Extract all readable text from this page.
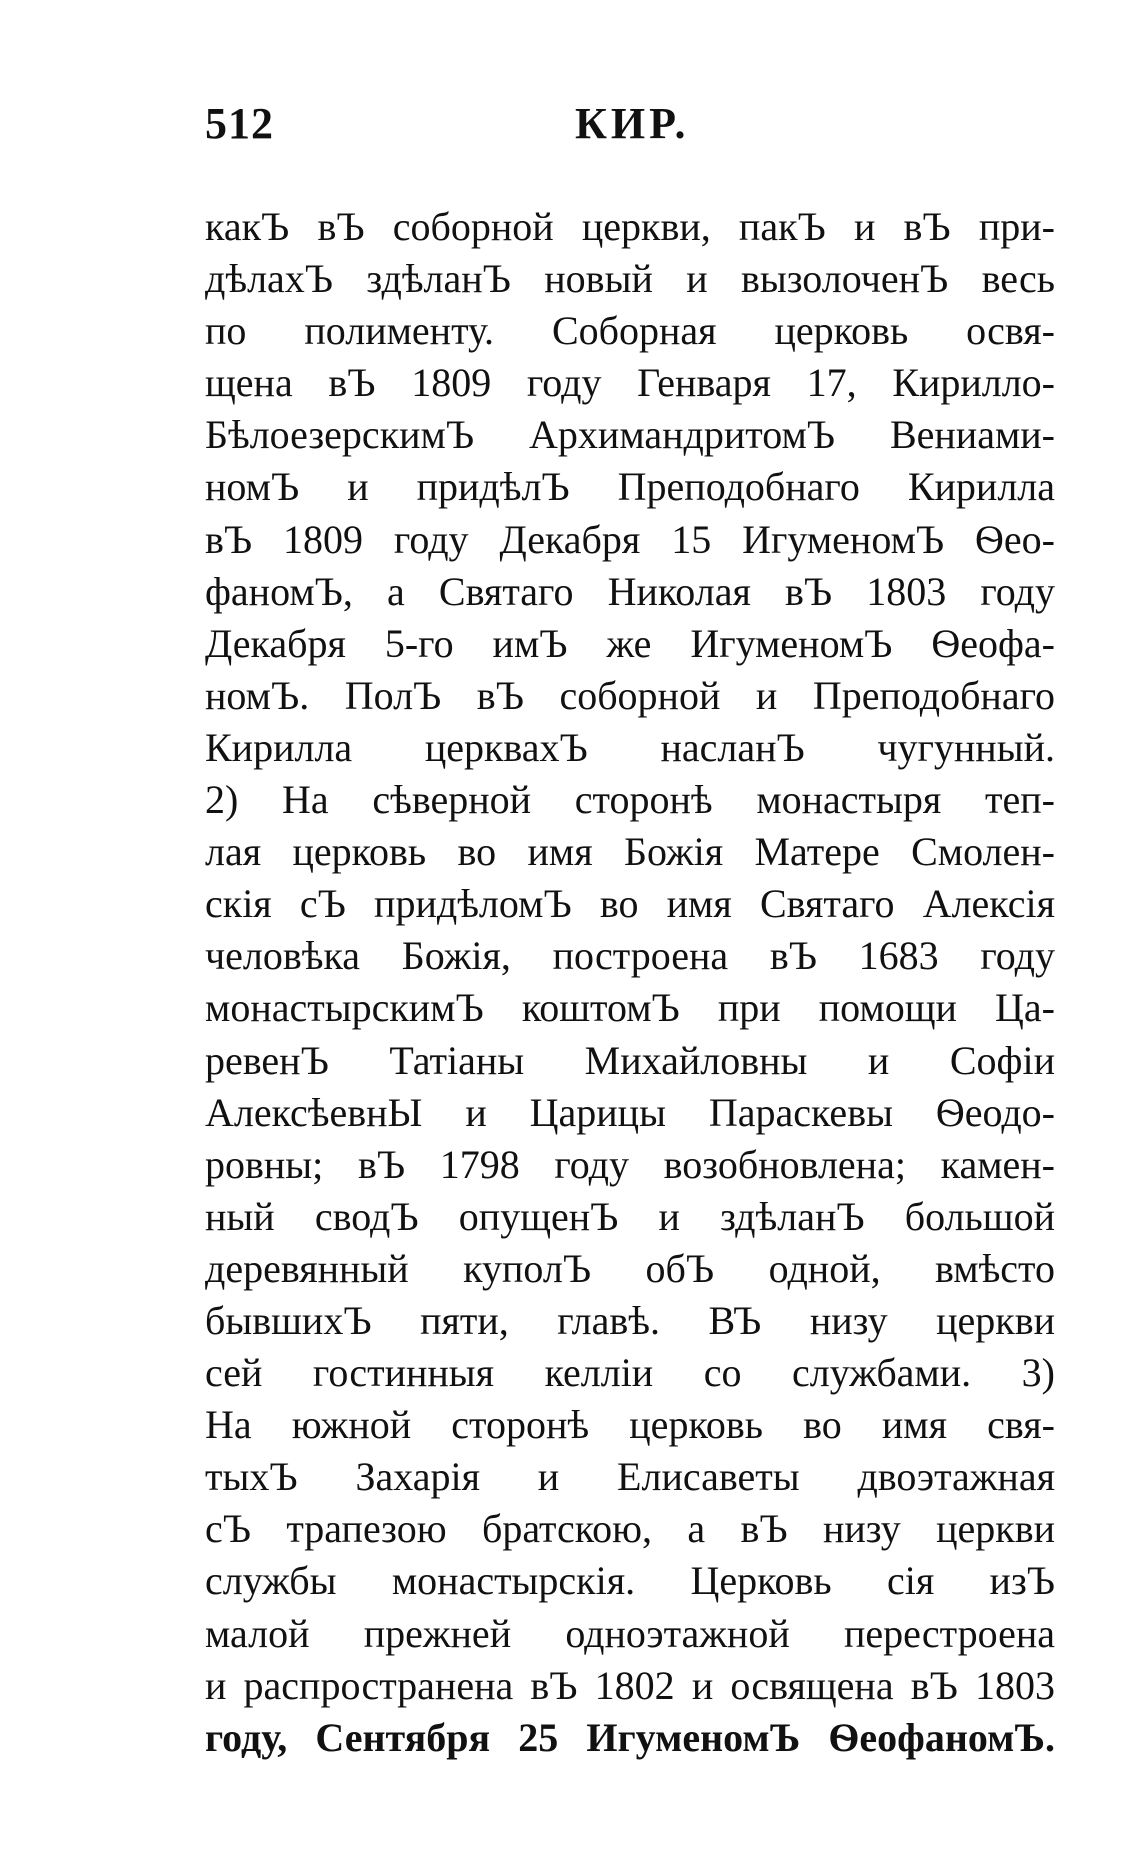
512	КИР.
какЪ вЪ соборной церкви, пакЪ и вЪ при-
дѣлахЪ здѣланЪ новый и вызолоченЪ весь
по полименту. Соборная церковь освя-
щена вЪ 1809 году Генваря 17, Кирилло-
БѣлоезерскимЪ АрхимандритомЪ Вениами-
номЪ и придѣлЪ Преподобнаго Кирилла
вЪ 1809 году Декабря 15 ИгуменомЪ Ѳео-
фаномЪ, а Святаго Николая вЪ 1803 году
Декабря 5-го имЪ же ИгуменомЪ Ѳеофа-
номЪ. ПолЪ вЪ соборной и Преподобнаго
Кирилла церквахЪ насланЪ чугунный.
2) На сѣверной сторонѣ монастыря теп-
лая церковь во имя Божія Матере Смолен-
скія сЪ придѣломЪ во имя Святаго Алексія
человѣка Божія, построена вЪ 1683 году
монастырскимЪ коштомЪ при помощи Ца-
ревенЪ Татіаны Михайловны и Софіи
АлексѣевнЫ и Царицы Параскевы Ѳеодо-
ровны; вЪ 1798 году возобновлена; камен-
ный сводЪ опущенЪ и здѣланЪ большой
деревянный куполЪ обЪ одной, вмѣсто
бывшихЪ пяти, главѣ. ВЪ низу церкви
сей гостинныя келліи со службами. 3)
На южной сторонѣ церковь во имя свя-
тыхЪ Захарія и Елисаветы двоэтажная
сЪ трапезою братскою, а вЪ низу церкви
службы монастырскія. Церковь сія изЪ
малой прежней одноэтажной перестроена
и распространена вЪ 1802 и освящена вЪ 1803
году, Сентября 25 ИгуменомЪ ѲеофаномЪ.
